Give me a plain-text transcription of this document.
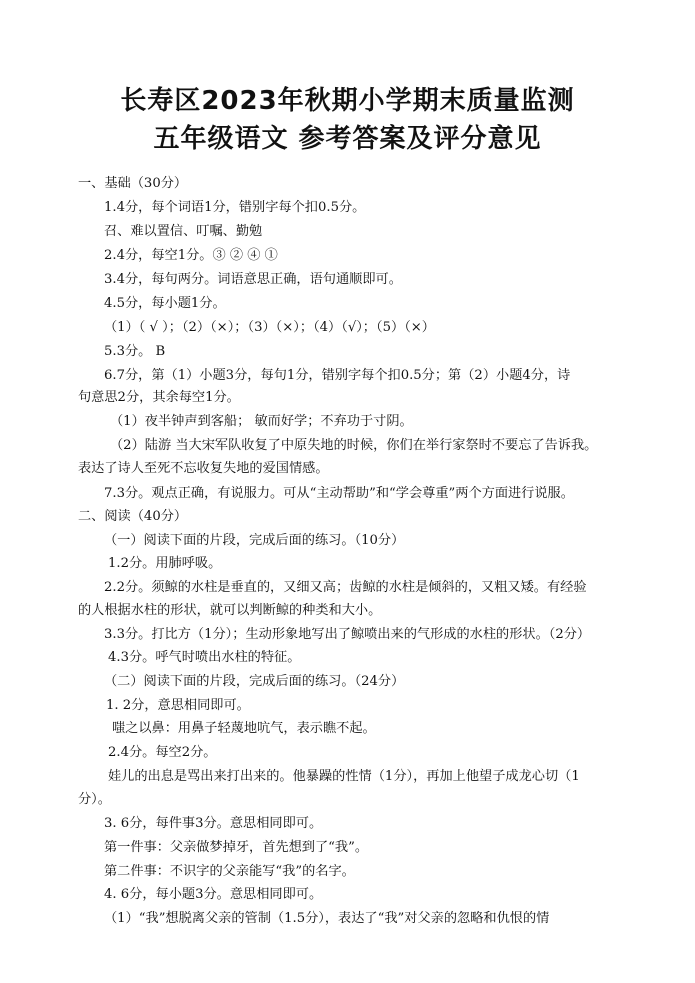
长寿区2023年秋期小学期末质量监测
五年级语文 参考答案及评分意见
一、基础（30分）
1.4分，每个词语1分，错别字每个扣0.5分。
召、难以置信、叮嘱、勤勉
2.4分，每空1分。③ ② ④ ①
3.4分，每句两分。词语意思正确，语句通顺即可。
4.5分，每小题1分。
（1）（ √ ）；（2）（×）；（3）（×）；（4）（√）；（5）（×）
5.3分。 B
6.7分，第（1）小题3分，每句1分，错别字每个扣0.5分；第（2）小题4分，诗
句意思2分，其余每空1分。
（1）夜半钟声到客船； 敏而好学；不弃功于寸阴。
（2）陆游 当大宋军队收复了中原失地的时候，你们在举行家祭时不要忘了告诉我。
表达了诗人至死不忘收复失地的爱国情感。
7.3分。观点正确，有说服力。可从“主动帮助”和“学会尊重”两个方面进行说服。
二、阅读（40分）
（一）阅读下面的片段，完成后面的练习。（10分）
1.2分。用肺呼吸。
2.2分。须鲸的水柱是垂直的，又细又高；齿鲸的水柱是倾斜的，又粗又矮。有经验
的人根据水柱的形状，就可以判断鲸的种类和大小。
3.3分。打比方（1分）；生动形象地写出了鲸喷出来的气形成的水柱的形状。（2分）
4.3分。呼气时喷出水柱的特征。
（二）阅读下面的片段，完成后面的练习。（24分）
1. 2分，意思相同即可。
嗤之以鼻：用鼻子轻蔑地吭气，表示瞧不起。
2.4分。每空2分。
娃儿的出息是骂出来打出来的。他暴躁的性情（1分），再加上他望子成龙心切（1
分）。
3. 6分，每件事3分。意思相同即可。
第一件事：父亲做梦掉牙，首先想到了“我”。
第二件事：不识字的父亲能写“我”的名字。
4. 6分，每小题3分。意思相同即可。
（1）“我”想脱离父亲的管制（1.5分），表达了“我”对父亲的忽略和仇恨的情
